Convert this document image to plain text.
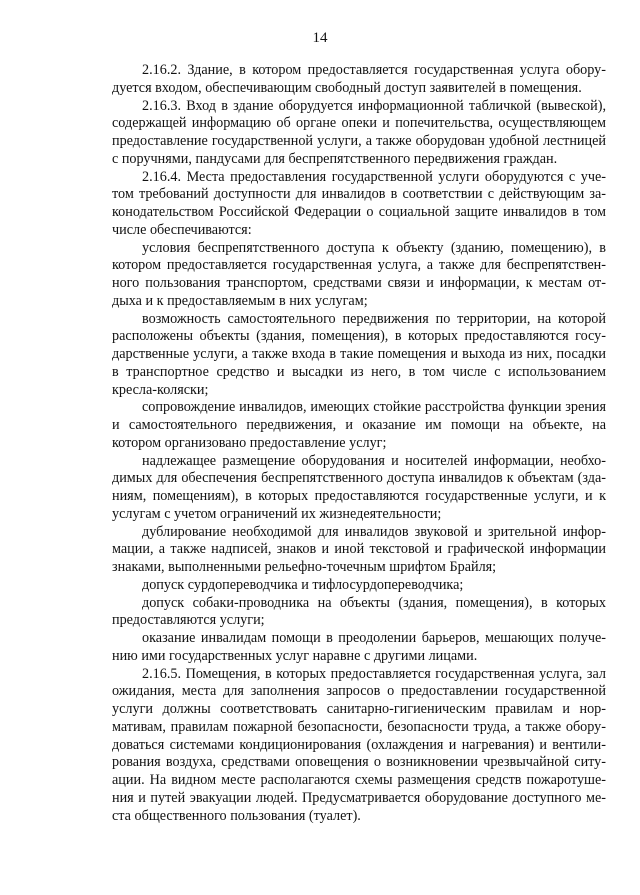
14

2.16.2. Здание, в котором предоставляется государственная услуга оборудуется входом, обеспечивающим свободный доступ заявителей в помещения.

2.16.3. Вход в здание оборудуется информационной табличкой (вывеской), содержащей информацию об органе опеки и попечительства, осуществляющем предоставление государственной услуги, а также оборудован удобной лестницей с поручнями, пандусами для беспрепятственного передвижения граждан.

2.16.4. Места предоставления государственной услуги оборудуются с учетом требований доступности для инвалидов в соответствии с действующим законодательством Российской Федерации о социальной защите инвалидов в том числе обеспечиваются:

условия беспрепятственного доступа к объекту (зданию, помещению), в котором предоставляется государственная услуга, а также для беспрепятственного пользования транспортом, средствами связи и информации, к местам отдыха и к предоставляемым в них услугам;

возможность самостоятельного передвижения по территории, на которой расположены объекты (здания, помещения), в которых предоставляются государственные услуги, а также входа в такие помещения и выхода из них, посадки в транспортное средство и высадки из него, в том числе с использованием кресла-коляски;

сопровождение инвалидов, имеющих стойкие расстройства функции зрения и самостоятельного передвижения, и оказание им помощи на объекте, на котором организовано предоставление услуг;

надлежащее размещение оборудования и носителей информации, необходимых для обеспечения беспрепятственного доступа инвалидов к объектам (зданиям, помещениям), в которых предоставляются государственные услуги, и к услугам с учетом ограничений их жизнедеятельности;

дублирование необходимой для инвалидов звуковой и зрительной информации, а также надписей, знаков и иной текстовой и графической информации знаками, выполненными рельефно-точечным шрифтом Брайля;

допуск сурдопереводчика и тифлосурдопереводчика;

допуск собаки-проводника на объекты (здания, помещения), в которых предоставляются услуги;

оказание инвалидам помощи в преодолении барьеров, мешающих получению ими государственных услуг наравне с другими лицами.

2.16.5. Помещения, в которых предоставляется государственная услуга, зал ожидания, места для заполнения запросов о предоставлении государственной услуги должны соответствовать санитарно-гигиеническим правилам и нормативам, правилам пожарной безопасности, безопасности труда, а также оборудоваться системами кондиционирования (охлаждения и нагревания) и вентилирования воздуха, средствами оповещения о возникновении чрезвычайной ситуации. На видном месте располагаются схемы размещения средств пожаротушения и путей эвакуации людей. Предусматривается оборудование доступного места общественного пользования (туалет).
